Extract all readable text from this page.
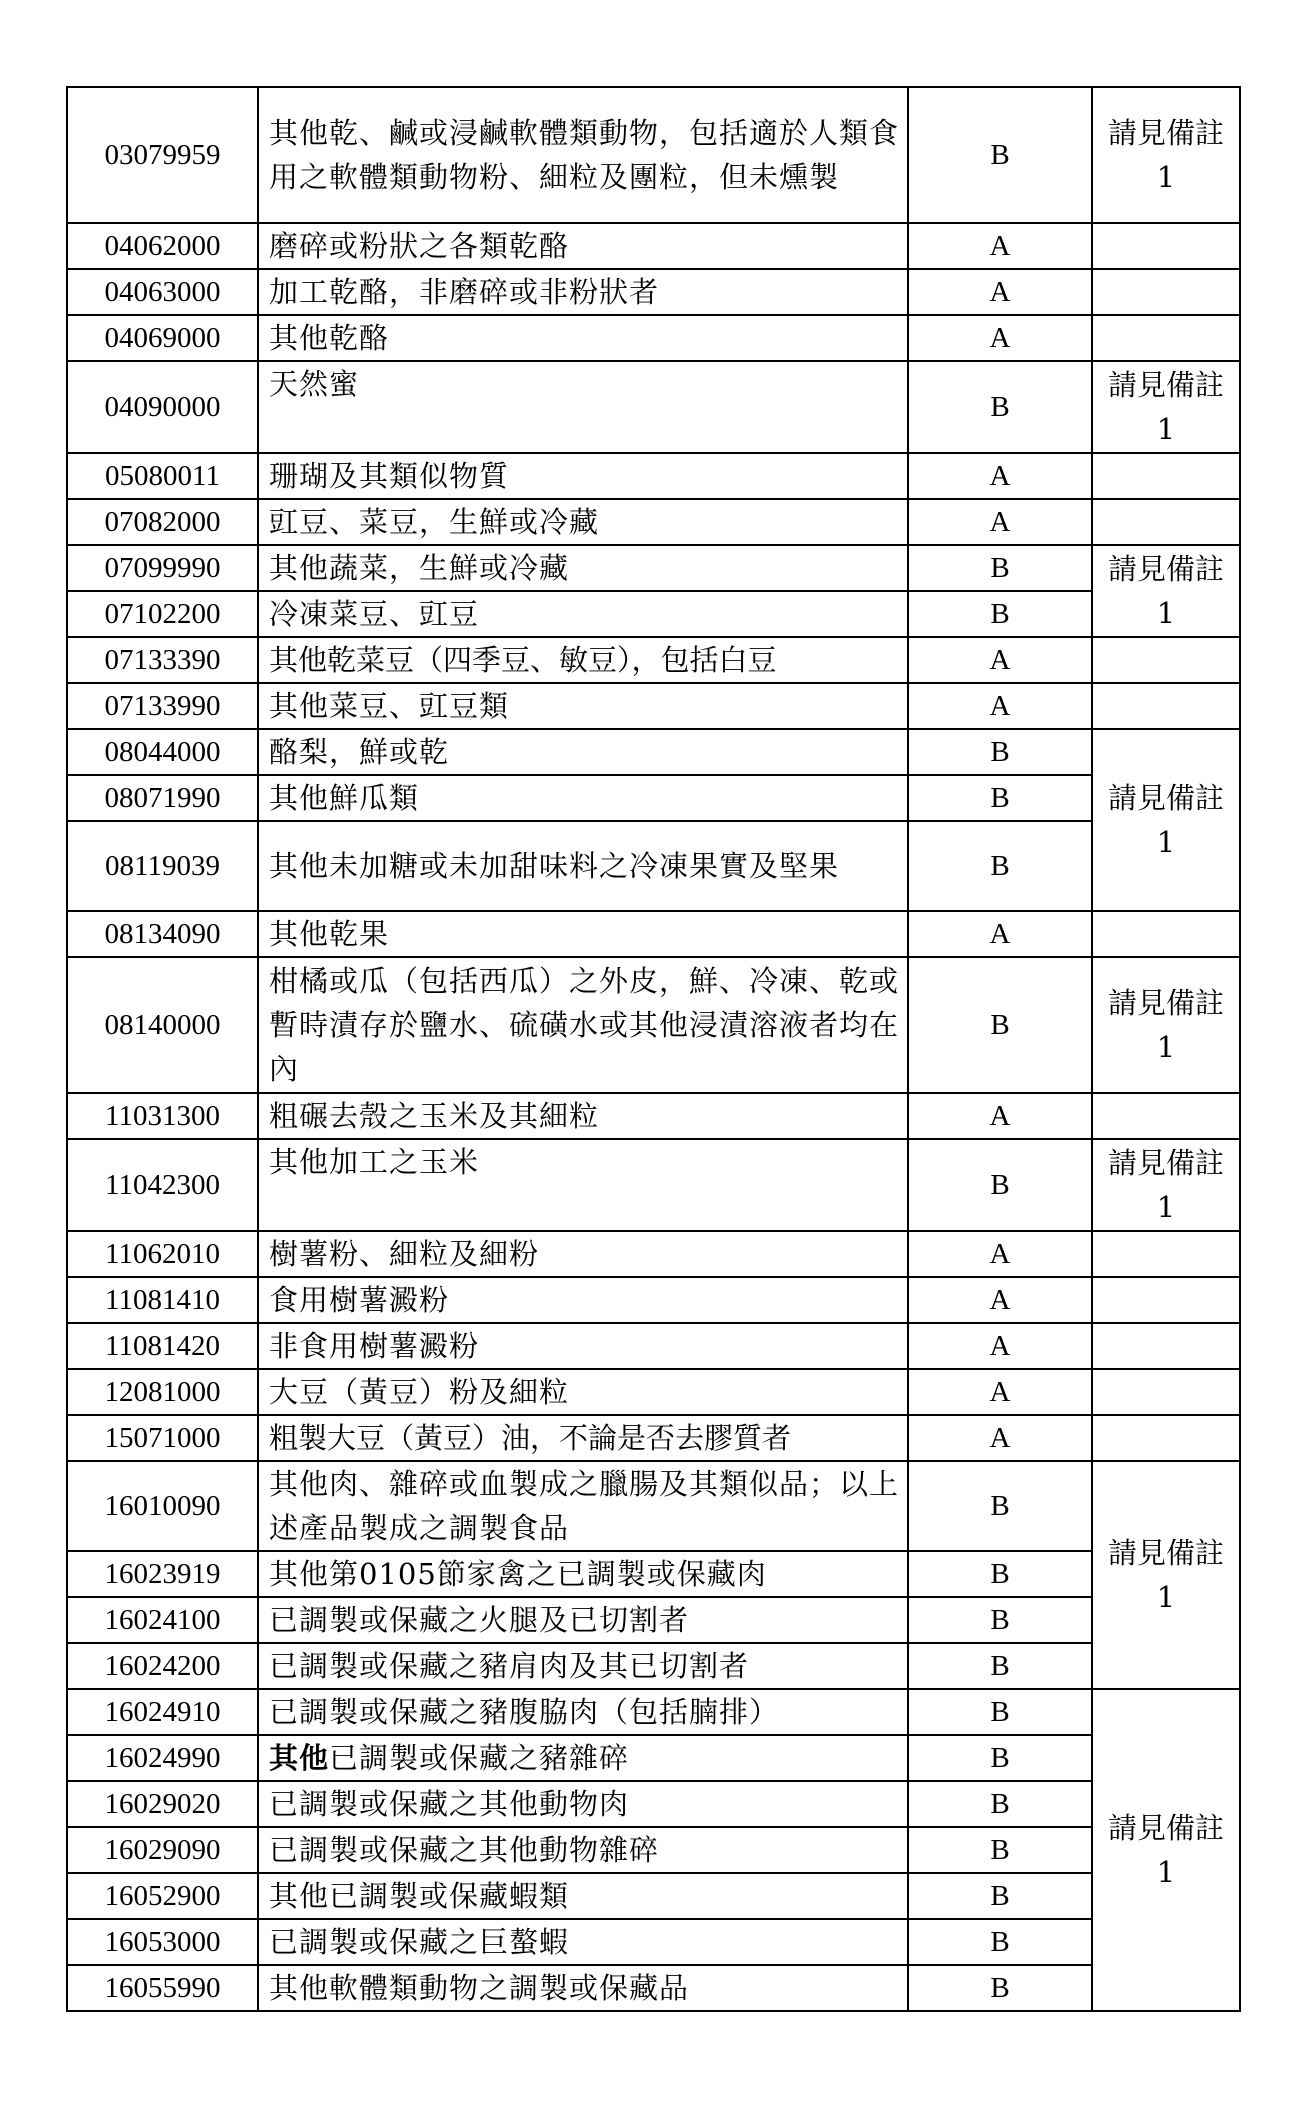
03079959	其他乾、鹹或浸鹹軟體類動物，包括適於人類食用之軟體類動物粉、細粒及團粒，但未燻製	B	請見備註1

04062000	磨碎或粉狀之各類乾酪	A	
04063000	加工乾酪，非磨碎或非粉狀者	A	
04069000	其他乾酪	A	
04090000	天然蜜	B	請見備註1

05080011	珊瑚及其類似物質	A	
07082000	豇豆、菜豆，生鮮或冷藏	A	
07099990	其他蔬菜，生鮮或冷藏	B	請見備註1

07102200	冷凍菜豆、豇豆	B	
07133390	其他乾菜豆（四季豆、敏豆），包括白豆	A	
07133990	其他菜豆、豇豆類	A	
08044000	酪梨，鮮或乾	B	請見備註1

08071990	其他鮮瓜類	B	
08119039	其他未加糖或未加甜味料之冷凍果實及堅果	B	
08134090	其他乾果	A	
08140000	柑橘或瓜（包括西瓜）之外皮，鮮、冷凍、乾或暫時漬存於鹽水、硫磺水或其他浸漬溶液者均在內	B	請見備註1

11031300	粗碾去殼之玉米及其細粒	A	
11042300	其他加工之玉米	B	請見備註1

11062010	樹薯粉、細粒及細粉	A	
11081410	食用樹薯澱粉	A	
11081420	非食用樹薯澱粉	A	
12081000	大豆（黃豆）粉及細粒	A	
15071000	粗製大豆（黃豆）油，不論是否去膠質者	A	
16010090	其他肉、雜碎或血製成之臘腸及其類似品；以上述產品製成之調製食品	B	請見備註1

16023919	其他第0105節家禽之已調製或保藏肉	B	
16024100	已調製或保藏之火腿及已切割者	B	
16024200	已調製或保藏之豬肩肉及其已切割者	B	
16024910	已調製或保藏之豬腹脇肉（包括腩排）	B	請見備註1

16024990	其他已調製或保藏之豬雜碎	B	
16029020	已調製或保藏之其他動物肉	B	
16029090	已調製或保藏之其他動物雜碎	B	
16052900	其他已調製或保藏蝦類	B	
16053000	已調製或保藏之巨螯蝦	B	
16055990	其他軟體類動物之調製或保藏品	B	
